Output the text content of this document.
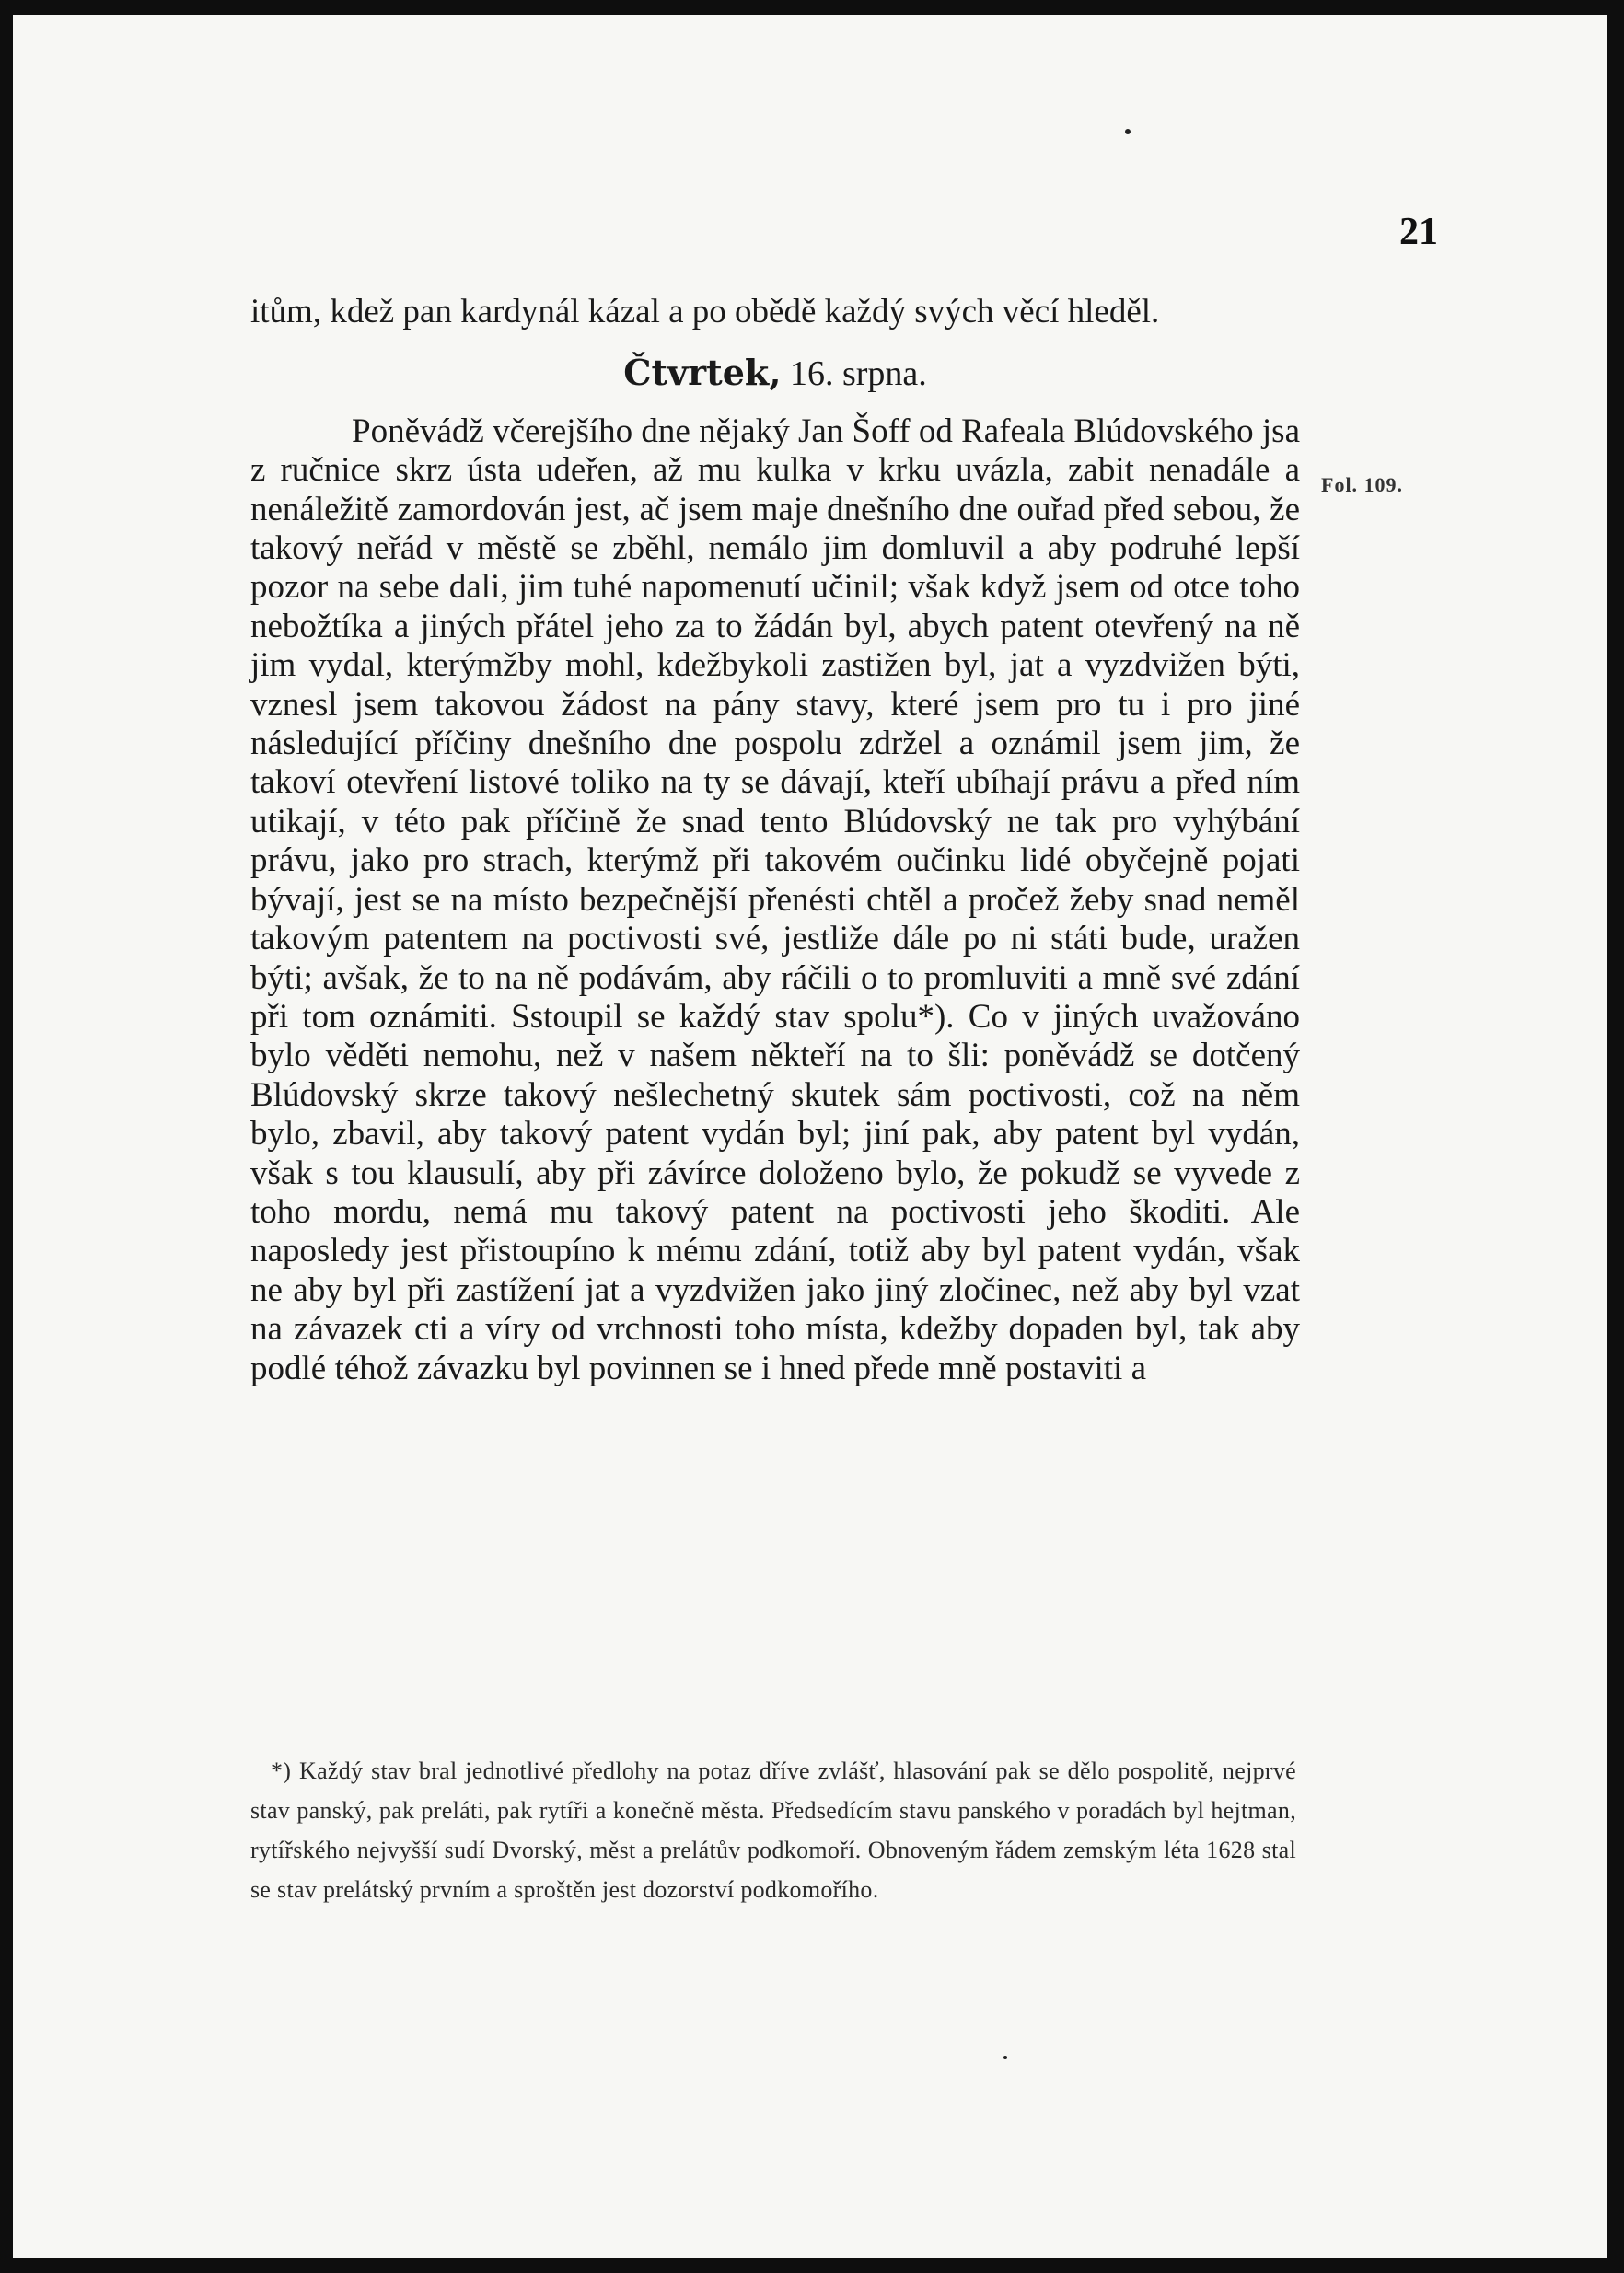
21
Fol. 109.

itům, kdež pan kardynál kázal a po obědě každý svých věcí hleděl.

Čtvrtek, 16. srpna.

Poněvádž včerejšího dne nějaký Jan Šoff od Rafeala Blúdovského jsa z ručnice skrz ústa udeřen, až mu kulka v krku uvázla, zabit nenadále a nenáležitě zamordován jest, ač jsem maje dnešního dne ouřad před sebou, že takový neřád v městě se zběhl, nemálo jim domluvil a aby podruhé lepší pozor na sebe dali, jim tuhé napomenutí učinil; však když jsem od otce toho nebožtíka a jiných přátel jeho za to žádán byl, abych patent otevřený na ně jim vydal, kterýmžby mohl, kdežbykoli zastižen byl, jat a vyzdvižen býti, vznesl jsem takovou žádost na pány stavy, které jsem pro tu i pro jiné následující příčiny dnešního dne pospolu zdržel a oznámil jsem jim, že takoví otevření listové toliko na ty se dávají, kteří ubíhají právu a před ním utikají, v této pak příčině že snad tento Blúdovský ne tak pro vyhýbání právu, jako pro strach, kterýmž při takovém oučinku lidé obyčejně pojati bývají, jest se na místo bezpečnější přenésti chtěl a pročež žeby snad neměl takovým patentem na poctivosti své, jestliže dále po ni státi bude, uražen býti; avšak, že to na ně podávám, aby ráčili o to promluviti a mně své zdání při tom oznámiti. Sstoupil se každý stav spolu*). Co v jiných uvažováno bylo věděti nemohu, než v našem někteří na to šli: poněvádž se dotčený Blúdovský skrze takový nešlechetný skutek sám poctivosti, což na něm bylo, zbavil, aby takový patent vydán byl; jiní pak, aby patent byl vydán, však s tou klausulí, aby při závírce doloženo bylo, že pokudž se vyvede z toho mordu, nemá mu takový patent na poctivosti jeho škoditi. Ale naposledy jest přistoupíno k mému zdání, totiž aby byl patent vydán, však ne aby byl při zastížení jat a vyzdvižen jako jiný zločinec, než aby byl vzat na závazek cti a víry od vrchnosti toho místa, kdežby dopaden byl, tak aby podlé téhož závazku byl povinnen se i hned přede mně postaviti a

*) Každý stav bral jednotlivé předlohy na potaz dříve zvlášť, hlasování pak se dělo pospolitě, nejprvé stav panský, pak preláti, pak rytíři a konečně města. Předsedícím stavu panského v poradách byl hejtman, rytířského nejvyšší sudí Dvorský, měst a prelátův podkomoří. Obnoveným řádem zemským léta 1628 stal se stav prelátský prvním a sproštěn jest dozorství podkomořího.
